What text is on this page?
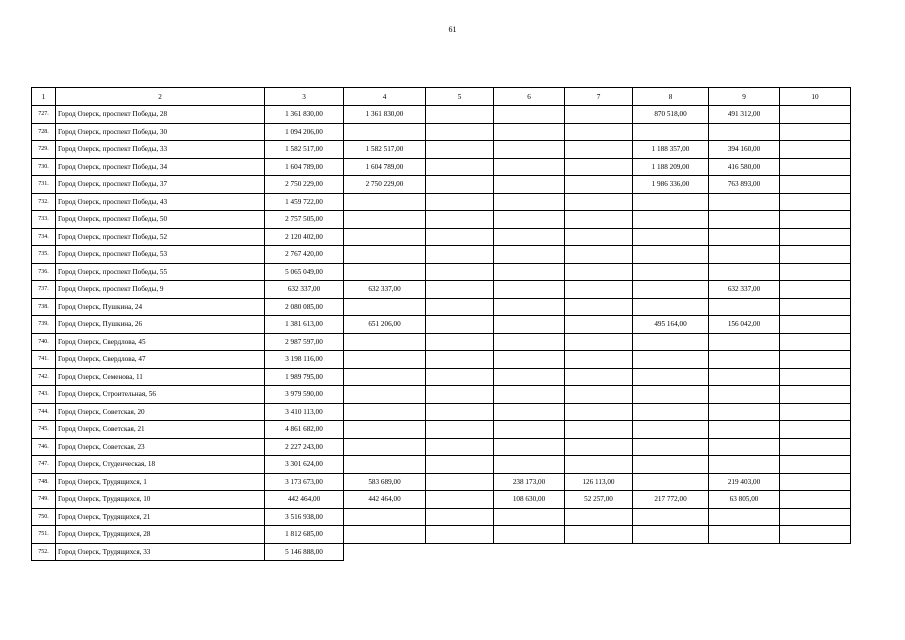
61
1	2	3	4	5	6	7	8	9	10
727.	Город Озерск, проспект Победы, 28	1 361 830,00	1 361 830,00				870 518,00	491 312,00	
728.	Город Озерск, проспект Победы, 30	1 094 206,00							
729.	Город Озерск, проспект Победы, 33	1 582 517,00	1 582 517,00				1 188 357,00	394 160,00	
730.	Город Озерск, проспект Победы, 34	1 604 789,00	1 604 789,00				1 188 209,00	416 580,00	
731.	Город Озерск, проспект Победы, 37	2 750 229,00	2 750 229,00				1 986 336,00	763 893,00	
732.	Город Озерск, проспект Победы, 43	1 459 722,00							
733.	Город Озерск, проспект Победы, 50	2 757 505,00							
734.	Город Озерск, проспект Победы, 52	2 120 402,00							
735.	Город Озерск, проспект Победы, 53	2 767 420,00							
736.	Город Озерск, проспект Победы, 55	5 065 049,00							
737.	Город Озерск, проспект Победы, 9	632 337,00	632 337,00					632 337,00	
738.	Город Озерск, Пушкина, 24	2 080 085,00							
739.	Город Озерск, Пушкина, 26	1 381 613,00	651 206,00				495 164,00	156 042,00	
740.	Город Озерск, Свердлова, 45	2 987 597,00							
741.	Город Озерск, Свердлова, 47	3 198 116,00							
742.	Город Озерск, Семенова, 11	1 989 795,00							
743.	Город Озерск, Строительная, 56	3 979 590,00							
744.	Город Озерск, Советская, 20	3 410 113,00							
745.	Город Озерск, Советская, 21	4 861 682,00							
746.	Город Озерск, Советская, 23	2 227 243,00							
747.	Город Озерск, Студенческая, 18	3 301 624,00							
748.	Город Озерск, Трудящихся, 1	3 173 673,00	583 689,00		238 173,00	126 113,00		219 403,00	
749.	Город Озерск, Трудящихся, 10	442 464,00	442 464,00		108 630,00	52 257,00	217 772,00	63 805,00	
750.	Город Озерск, Трудящихся, 21	3 516 938,00							
751.	Город Озерск, Трудящихся, 28	1 812 685,00							
752.	Город Озерск, Трудящихся, 33	5 146 888,00							
